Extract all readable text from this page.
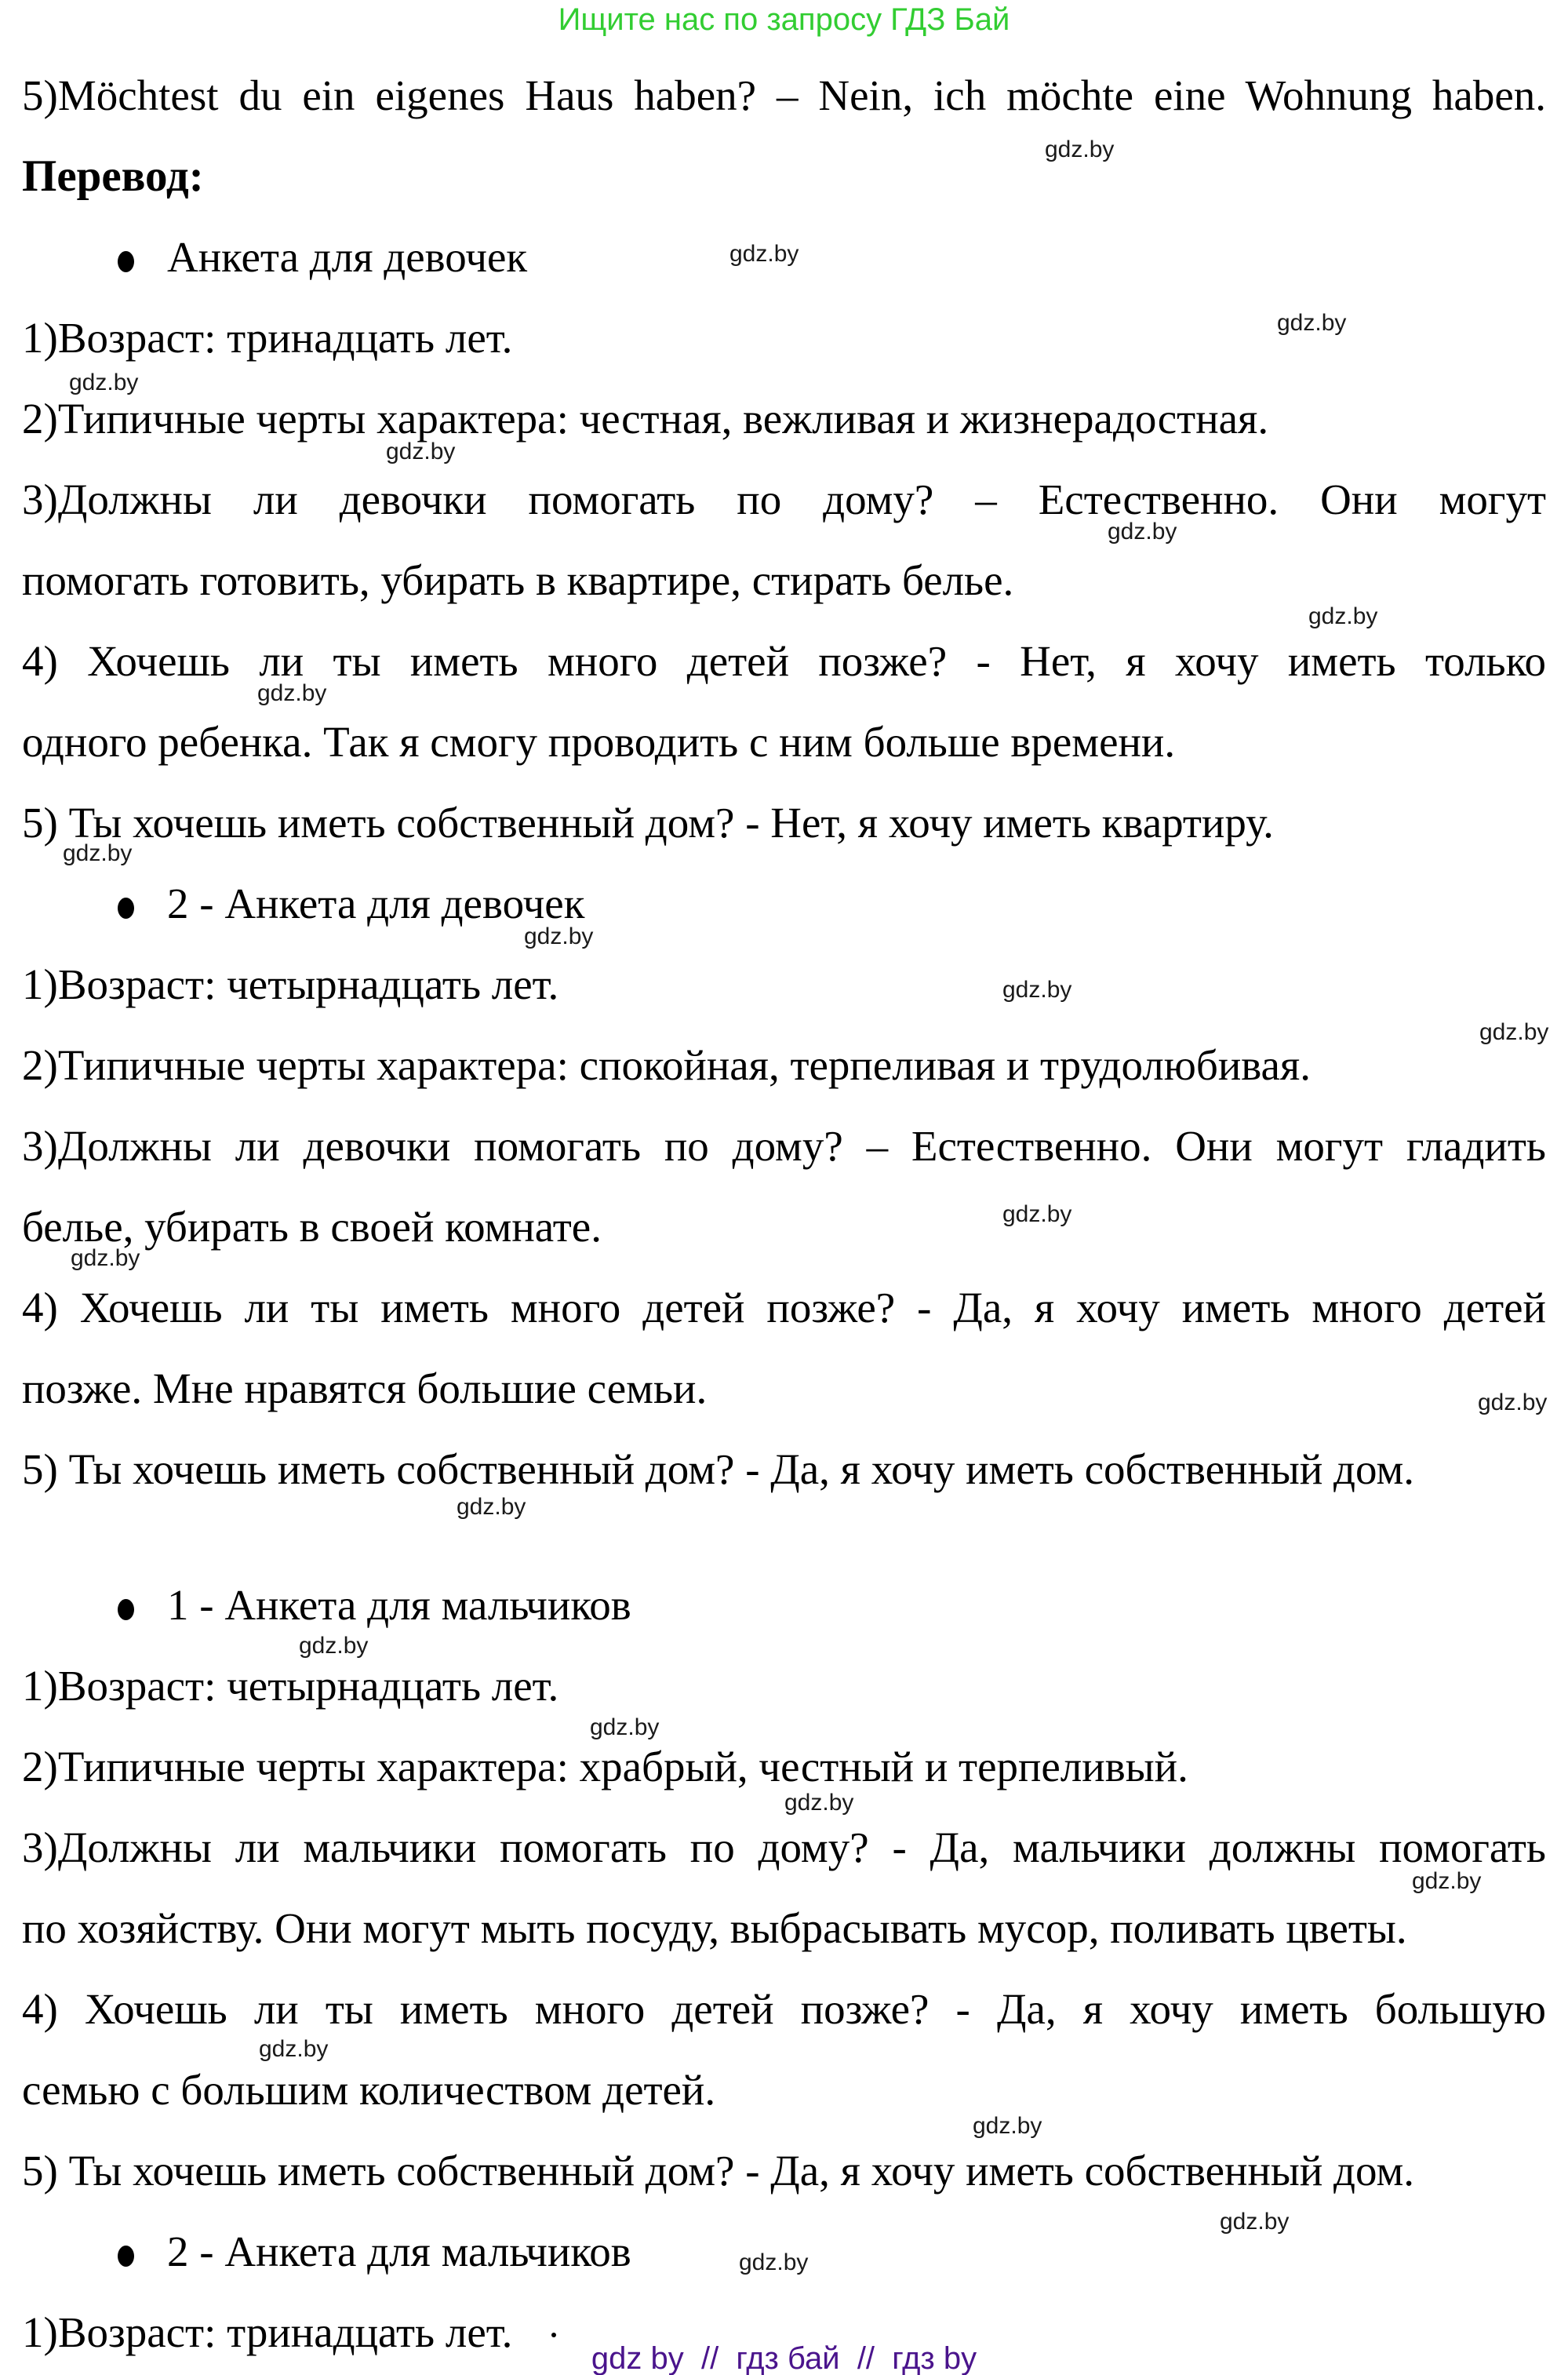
Ищите нас по запросу ГДЗ Бай
5)Möchtest du ein eigenes Haus haben? – Nein, ich möchte eine Wohnung haben.
Перевод:
Анкета для девочек
1)Возраст: тринадцать лет.
2)Типичные черты характера: честная, вежливая и жизнерадостная.
3)Должны ли девочки помогать по дому? – Естественно. Они могут
помогать готовить, убирать в квартире, стирать белье.
4) Хочешь ли ты иметь много детей позже? - Нет, я хочу иметь только
одного ребенка. Так я смогу проводить с ним больше времени.
5) Ты хочешь иметь собственный дом? - Нет, я хочу иметь квартиру.
2 - Анкета для девочек
1)Возраст: четырнадцать лет.
2)Типичные черты характера: спокойная, терпеливая и трудолюбивая.
3)Должны ли девочки помогать по дому? – Естественно. Они могут гладить
белье, убирать в своей комнате.
4) Хочешь ли ты иметь много детей позже? - Да, я хочу иметь много детей
позже. Мне нравятся большие семьи.
5) Ты хочешь иметь собственный дом? - Да, я хочу иметь собственный дом.
1 - Анкета для мальчиков
1)Возраст: четырнадцать лет.
2)Типичные черты характера: храбрый, честный и терпеливый.
3)Должны ли мальчики помогать по дому? - Да, мальчики должны помогать
по хозяйству. Они могут мыть посуду, выбрасывать мусор, поливать цветы.
4) Хочешь ли ты иметь много детей позже? - Да, я хочу иметь большую
семью с большим количеством детей.
5) Ты хочешь иметь собственный дом? - Да, я хочу иметь собственный дом.
2 - Анкета для мальчиков
1)Возраст: тринадцать лет.
gdz.by
gdz.by
gdz.by
gdz.by
gdz.by
gdz.by
gdz.by
gdz.by
gdz.by
gdz.by
gdz.by
gdz.by
gdz.by
gdz.by
gdz.by
gdz.by
gdz.by
gdz.by
gdz.by
gdz.by
gdz.by
gdz.by
gdz.by
gdz.by
gdz by  //  гдз бай  //  гдз by
